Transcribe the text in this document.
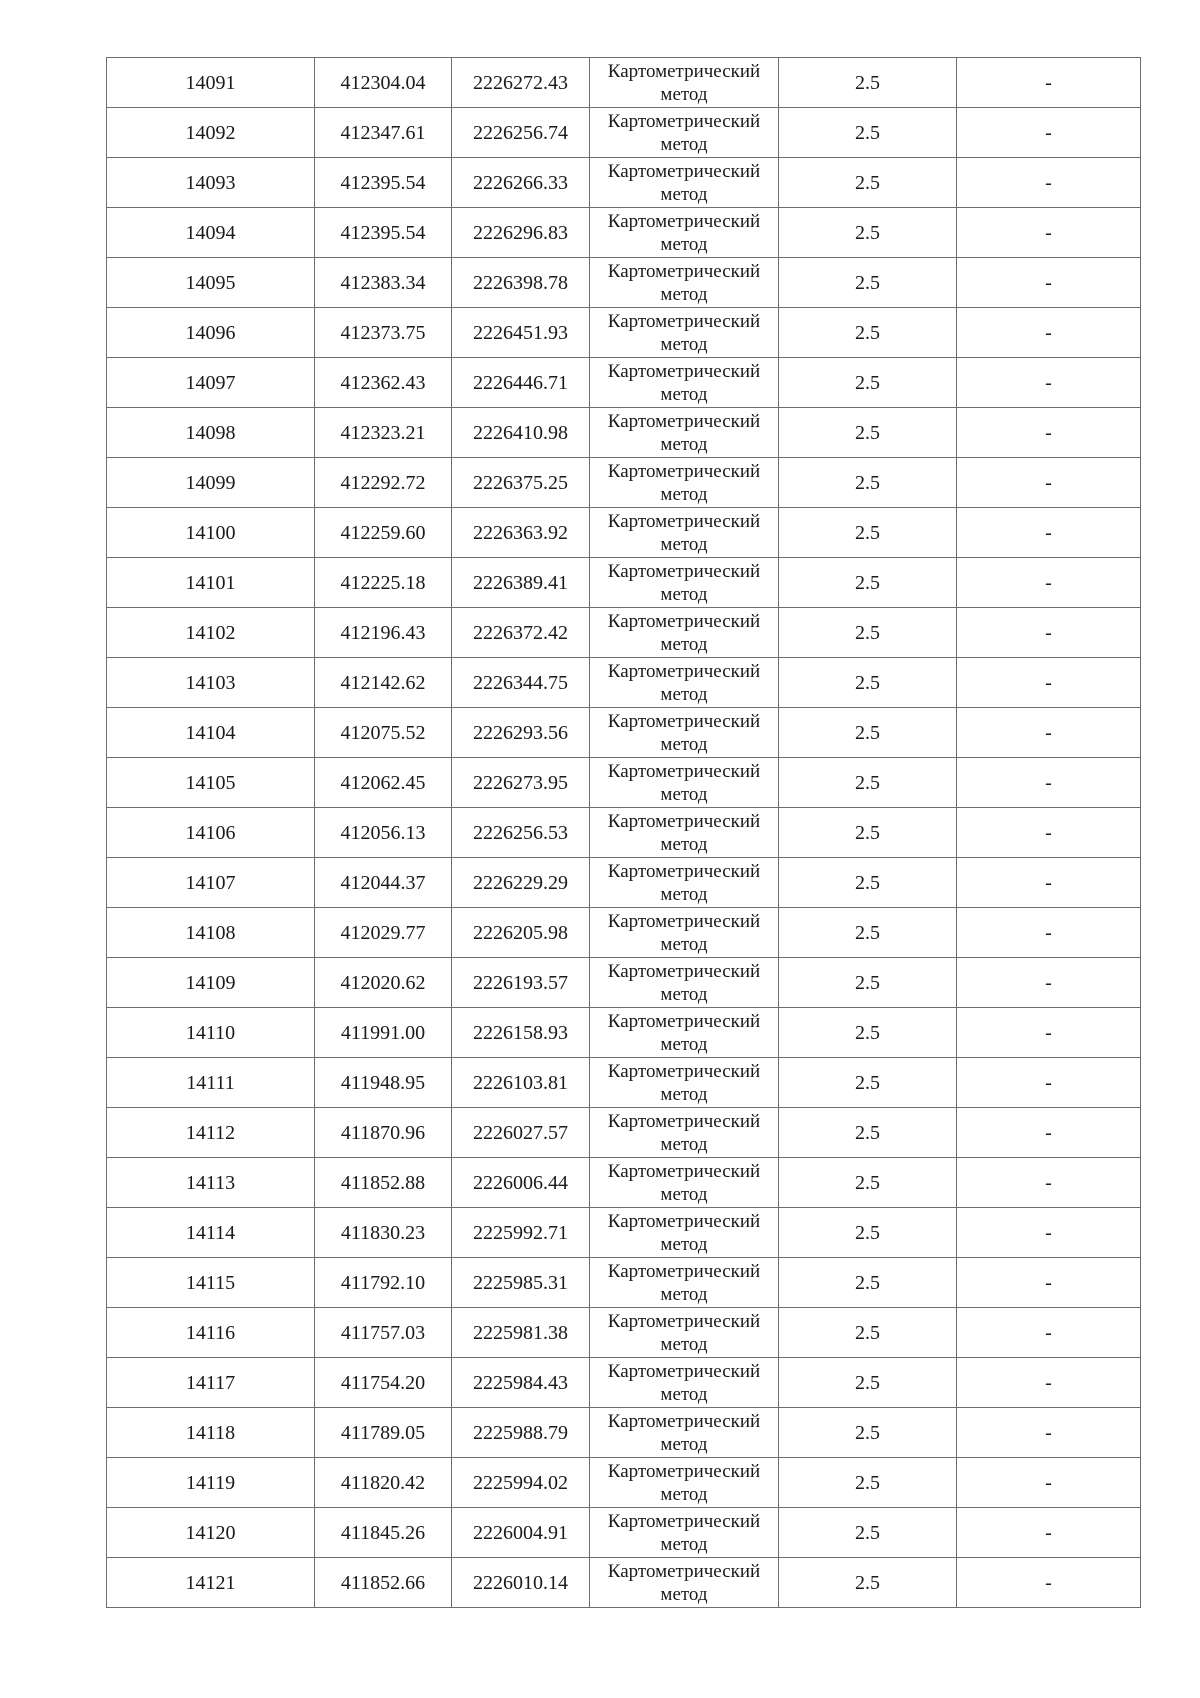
14091	412304.04	2226272.43	Картометрический
метод	2.5	-
14092	412347.61	2226256.74	Картометрический
метод	2.5	-
14093	412395.54	2226266.33	Картометрический
метод	2.5	-
14094	412395.54	2226296.83	Картометрический
метод	2.5	-
14095	412383.34	2226398.78	Картометрический
метод	2.5	-
14096	412373.75	2226451.93	Картометрический
метод	2.5	-
14097	412362.43	2226446.71	Картометрический
метод	2.5	-
14098	412323.21	2226410.98	Картометрический
метод	2.5	-
14099	412292.72	2226375.25	Картометрический
метод	2.5	-
14100	412259.60	2226363.92	Картометрический
метод	2.5	-
14101	412225.18	2226389.41	Картометрический
метод	2.5	-
14102	412196.43	2226372.42	Картометрический
метод	2.5	-
14103	412142.62	2226344.75	Картометрический
метод	2.5	-
14104	412075.52	2226293.56	Картометрический
метод	2.5	-
14105	412062.45	2226273.95	Картометрический
метод	2.5	-
14106	412056.13	2226256.53	Картометрический
метод	2.5	-
14107	412044.37	2226229.29	Картометрический
метод	2.5	-
14108	412029.77	2226205.98	Картометрический
метод	2.5	-
14109	412020.62	2226193.57	Картометрический
метод	2.5	-
14110	411991.00	2226158.93	Картометрический
метод	2.5	-
14111	411948.95	2226103.81	Картометрический
метод	2.5	-
14112	411870.96	2226027.57	Картометрический
метод	2.5	-
14113	411852.88	2226006.44	Картометрический
метод	2.5	-
14114	411830.23	2225992.71	Картометрический
метод	2.5	-
14115	411792.10	2225985.31	Картометрический
метод	2.5	-
14116	411757.03	2225981.38	Картометрический
метод	2.5	-
14117	411754.20	2225984.43	Картометрический
метод	2.5	-
14118	411789.05	2225988.79	Картометрический
метод	2.5	-
14119	411820.42	2225994.02	Картометрический
метод	2.5	-
14120	411845.26	2226004.91	Картометрический
метод	2.5	-
14121	411852.66	2226010.14	Картометрический
метод	2.5	-
